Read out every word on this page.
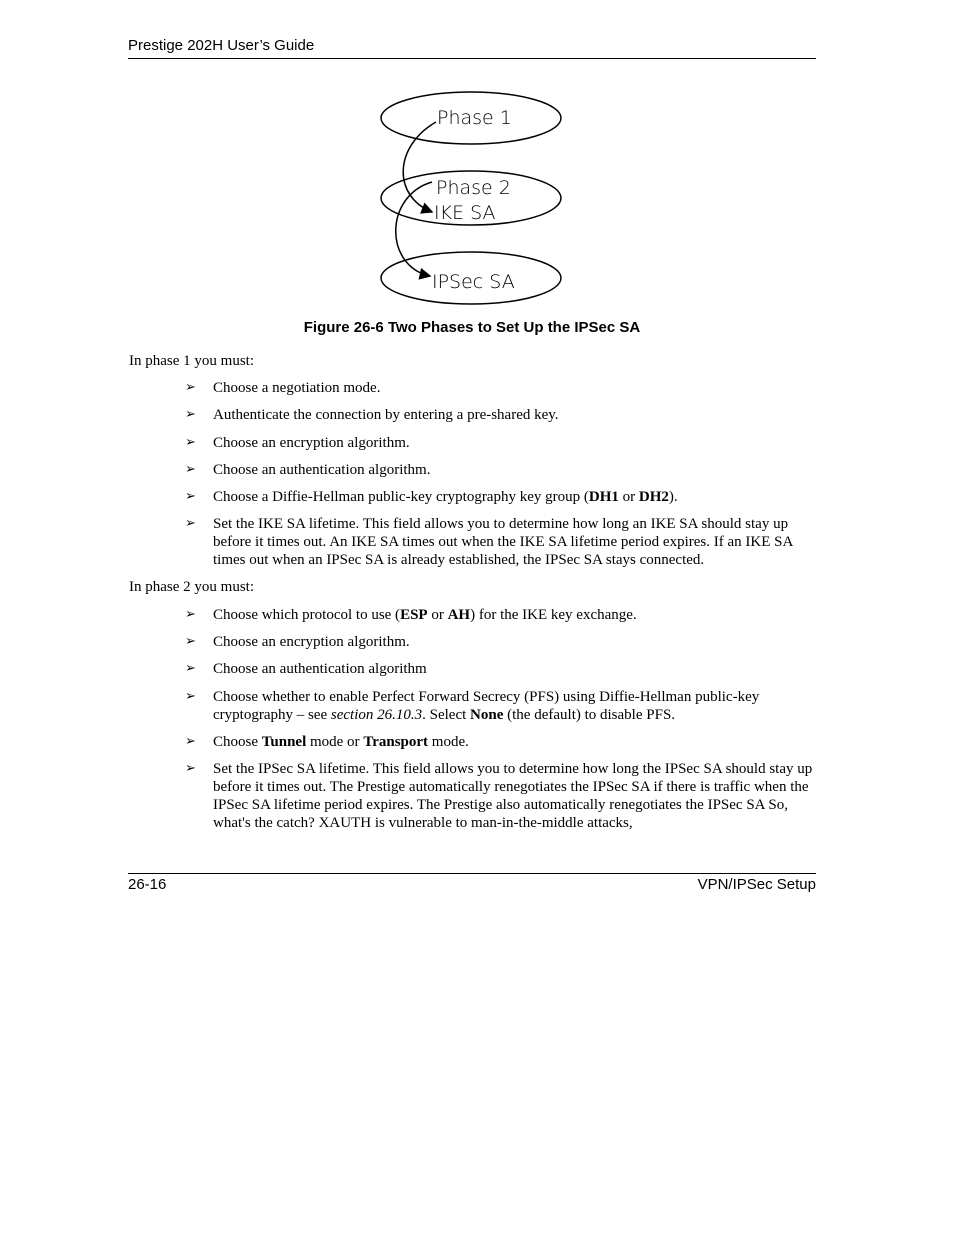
Prestige 202H User’s Guide
Phase 1
Phase 2
IKE SA
IPSec SA
Figure 26-6 Two Phases to Set Up the IPSec SA
In phase 1 you must:
➢ Choose a negotiation mode.
➢ Authenticate the connection by entering a pre-shared key.
➢ Choose an encryption algorithm.
➢ Choose an authentication algorithm.
➢ Choose a Diffie-Hellman public-key cryptography key group (DH1 or DH2).
➢ Set the IKE SA lifetime. This field allows you to determine how long an IKE SA should stay up before it times out. An IKE SA times out when the IKE SA lifetime period expires. If an IKE SA times out when an IPSec SA is already established, the IPSec SA stays connected.
In phase 2 you must:
➢ Choose which protocol to use (ESP or AH) for the IKE key exchange.
➢ Choose an encryption algorithm.
➢ Choose an authentication algorithm
➢ Choose whether to enable Perfect Forward Secrecy (PFS) using Diffie-Hellman public-key cryptography – see section 26.10.3. Select None (the default) to disable PFS.
➢ Choose Tunnel mode or Transport mode.
➢ Set the IPSec SA lifetime. This field allows you to determine how long the IPSec SA should stay up before it times out. The Prestige automatically renegotiates the IPSec SA if there is traffic when the IPSec SA lifetime period expires. The Prestige also automatically renegotiates the IPSec SA So, what's the catch? XAUTH is vulnerable to man-in-the-middle attacks,
26-16	VPN/IPSec Setup
